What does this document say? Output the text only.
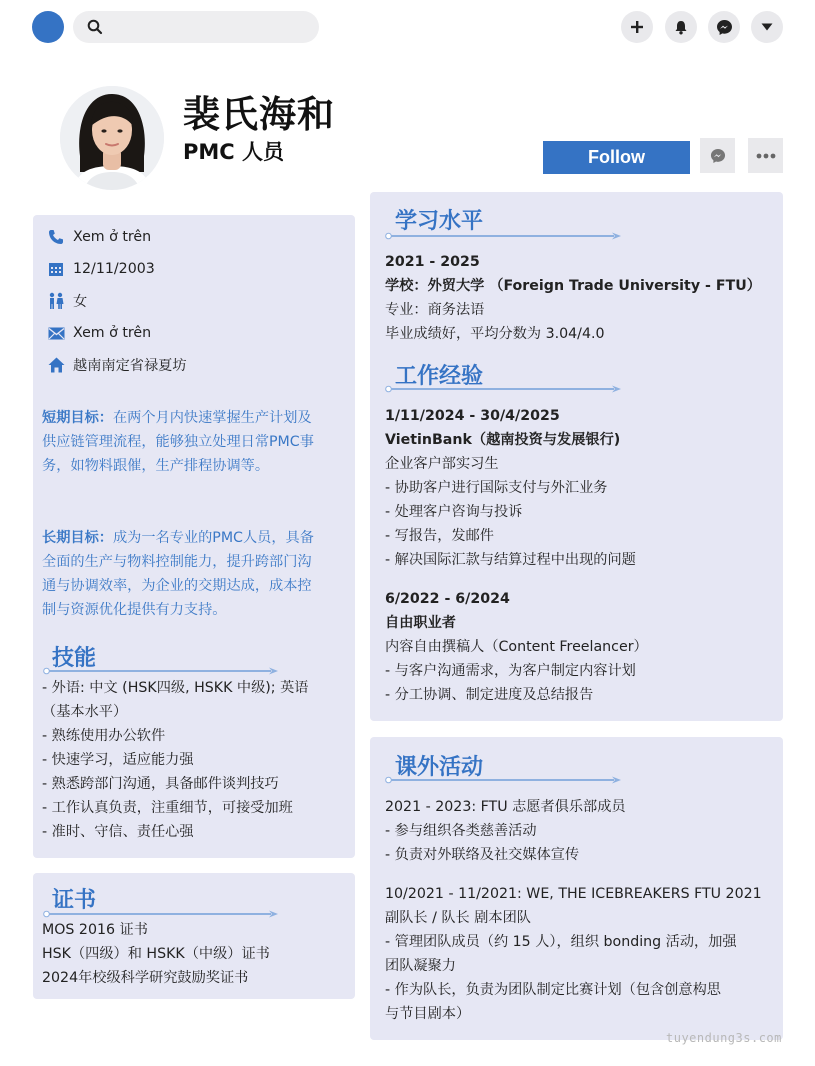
裴氏海和
PMC 人员	Follow
Xem ở trên
12/11/2003
女
Xem ở trên
越南南定省禄夏坊
短期目标：在两个月内快速掌握生产计划及供应链管理流程，能够独立处理日常PMC事务，如物料跟催，生产排程协调等。
长期目标：成为一名专业的PMC人员，具备全面的生产与物料控制能力，提升跨部门沟通与协调效率，为企业的交期达成，成本控制与资源优化提供有力支持。
技能
- 外语: 中文 (HSK四级, HSKK 中级); 英语
（基本水平）
- 熟练使用办公软件
- 快速学习，适应能力强
- 熟悉跨部门沟通，具备邮件谈判技巧
- 工作认真负责，注重细节，可接受加班
- 准时、守信、责任心强
证书
MOS 2016 证书
HSK（四级）和 HSKK（中级）证书
2024年校级科学研究鼓励奖证书
学习水平
2021 - 2025
学校：外贸大学 （Foreign Trade University - FTU）
专业：商务法语
毕业成绩好，平均分数为 3.04/4.0
工作经验
1/11/2024 - 30/4/2025
VietinBank（越南投资与发展银行)
企业客户部实习生
- 协助客户进行国际支付与外汇业务
- 处理客户咨询与投诉
- 写报告，发邮件
- 解决国际汇款与结算过程中出现的问题
6/2022 - 6/2024
自由职业者
内容自由撰稿人（Content Freelancer）
- 与客户沟通需求，为客户制定内容计划
- 分工协调、制定进度及总结报告
课外活动
2021 - 2023: FTU 志愿者俱乐部成员
- 参与组织各类慈善活动
- 负责对外联络及社交媒体宣传
10/2021 - 11/2021: WE, THE ICEBREAKERS FTU 2021
副队长 / 队长 剧本团队
- 管理团队成员（约 15 人），组织 bonding 活动，加强
团队凝聚力
- 作为队长，负责为团队制定比赛计划（包含创意构思
与节目剧本）
tuyendung3s.com
